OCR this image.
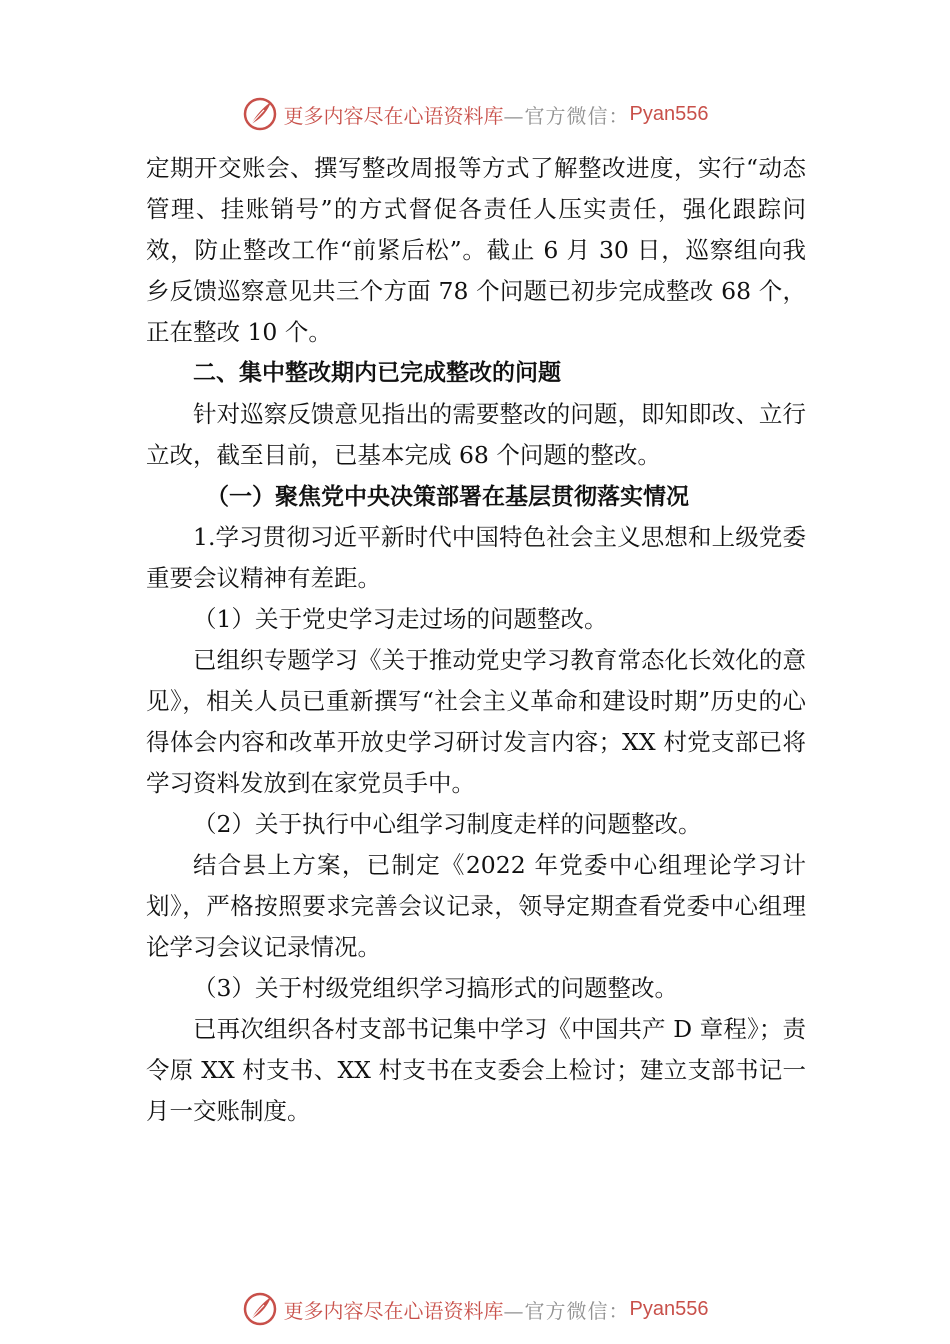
更多内容尽在心语资料库 —官方微信： Pyan556

定期开交账会、撰写整改周报等方式了解整改进度，实行“动态管理、挂账销号”的方式督促各责任人压实责任，强化跟踪问效，防止整改工作“前紧后松”。截止 6 月 30 日，巡察组向我乡反馈巡察意见共三个方面 78 个问题已初步完成整改 68 个，正在整改 10 个。

二、集中整改期内已完成整改的问题

针对巡察反馈意见指出的需要整改的问题，即知即改、立行立改，截至目前，已基本完成 68 个问题的整改。

（一）聚焦党中央决策部署在基层贯彻落实情况

1.学习贯彻习近平新时代中国特色社会主义思想和上级党委重要会议精神有差距。

（1）关于党史学习走过场的问题整改。

已组织专题学习《关于推动党史学习教育常态化长效化的意见》，相关人员已重新撰写“社会主义革命和建设时期”历史的心得体会内容和改革开放史学习研讨发言内容；XX 村党支部已将学习资料发放到在家党员手中。

（2）关于执行中心组学习制度走样的问题整改。

结合县上方案，已制定《2022 年党委中心组理论学习计划》，严格按照要求完善会议记录，领导定期查看党委中心组理论学习会议记录情况。

（3）关于村级党组织学习搞形式的问题整改。

已再次组织各村支部书记集中学习《中国共产 D 章程》；责令原 XX 村支书、XX 村支书在支委会上检讨；建立支部书记一月一交账制度。

更多内容尽在心语资料库 —官方微信： Pyan556
